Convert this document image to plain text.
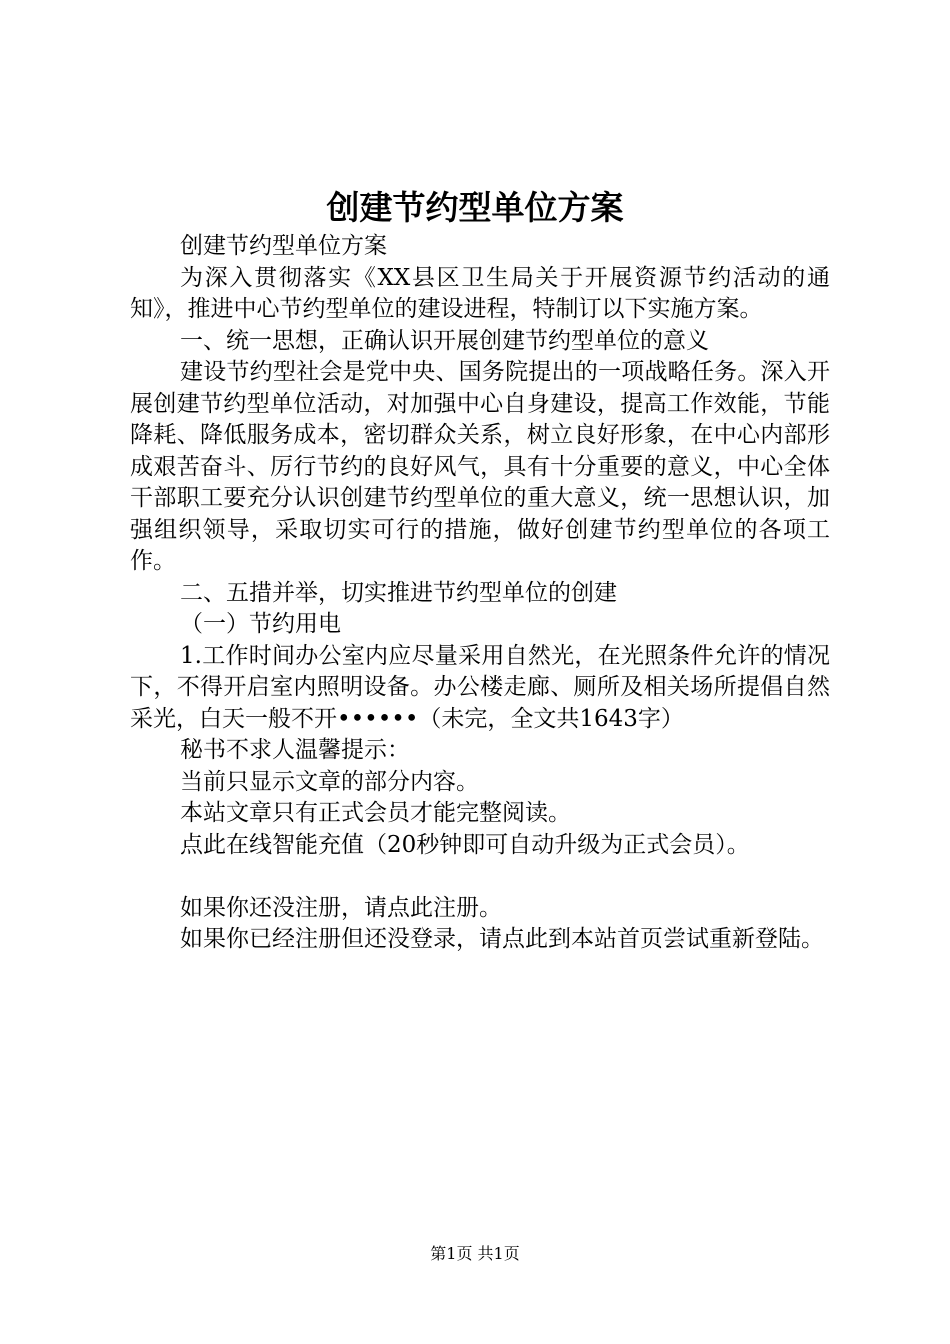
创建节约型单位方案

创建节约型单位方案

为深入贯彻落实《XX县区卫生局关于开展资源节约活动的通知》，推进中心节约型单位的建设进程，特制订以下实施方案。

一、统一思想，正确认识开展创建节约型单位的意义

建设节约型社会是党中央、国务院提出的一项战略任务。深入开展创建节约型单位活动，对加强中心自身建设，提高工作效能，节能降耗、降低服务成本，密切群众关系，树立良好形象，在中心内部形成艰苦奋斗、厉行节约的良好风气，具有十分重要的意义，中心全体干部职工要充分认识创建节约型单位的重大意义，统一思想认识，加强组织领导，采取切实可行的措施，做好创建节约型单位的各项工作。

二、五措并举，切实推进节约型单位的创建

（一）节约用电

1.工作时间办公室内应尽量采用自然光，在光照条件允许的情况下，不得开启室内照明设备。办公楼走廊、厕所及相关场所提倡自然采光，白天一般不开••••••（未完，全文共1643字）

秘书不求人温馨提示：

当前只显示文章的部分内容。

本站文章只有正式会员才能完整阅读。

点此在线智能充值（20秒钟即可自动升级为正式会员）。

如果你还没注册，请点此注册。

如果你已经注册但还没登录，请点此到本站首页尝试重新登陆。

第1页 共1页
